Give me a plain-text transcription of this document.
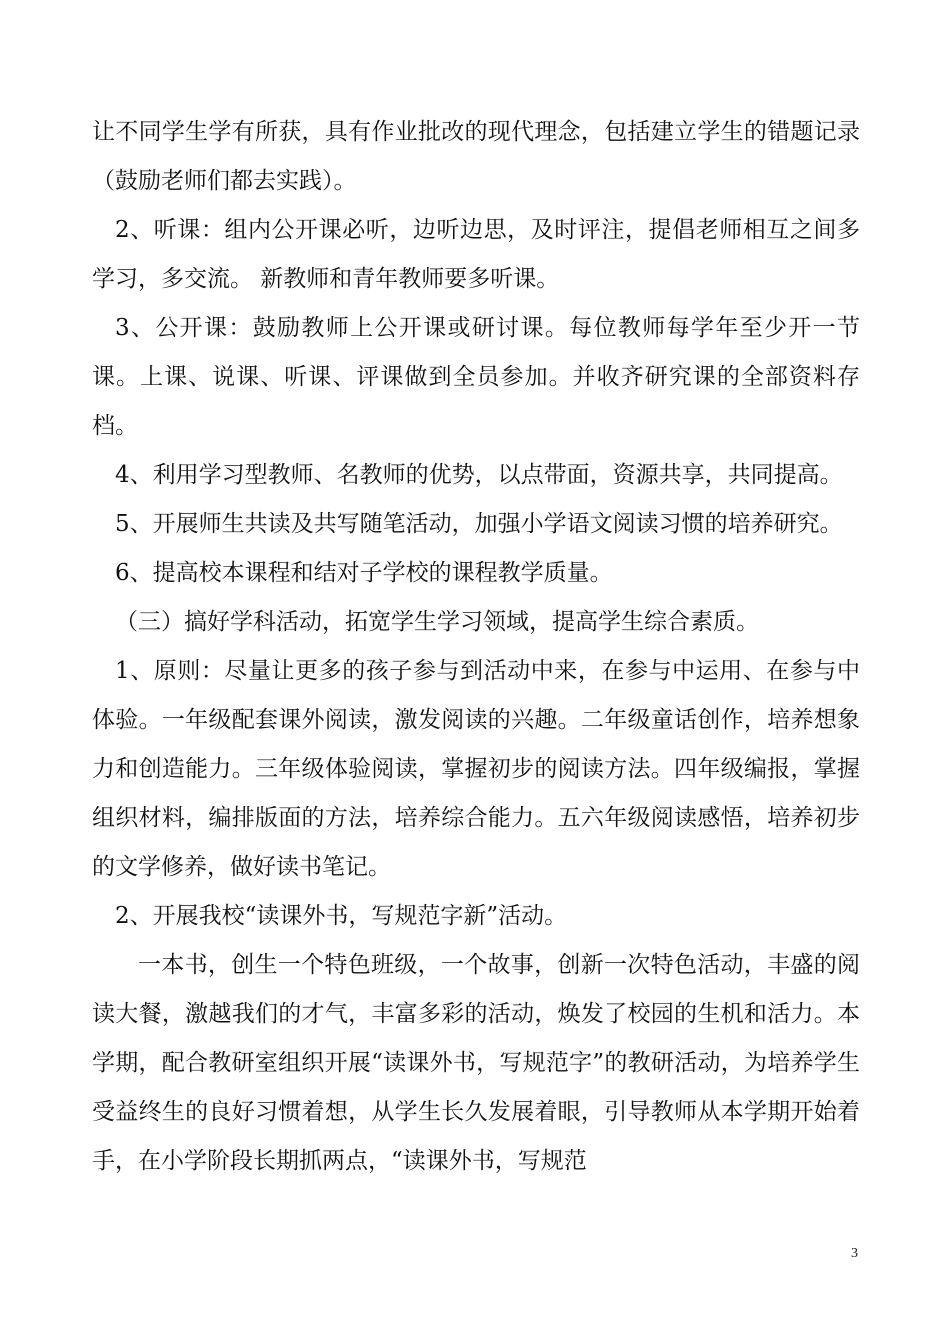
让不同学生学有所获，具有作业批改的现代理念，包括建立学生的错题记录（鼓励老师们都去实践）。

2、听课：组内公开课必听，边听边思，及时评注，提倡老师相互之间多学习，多交流。 新教师和青年教师要多听课。

3、公开课：鼓励教师上公开课或研讨课。每位教师每学年至少开一节课。上课、说课、听课、评课做到全员参加。并收齐研究课的全部资料存档。

4、利用学习型教师、名教师的优势，以点带面，资源共享，共同提高。

5、开展师生共读及共写随笔活动，加强小学语文阅读习惯的培养研究。

6、提高校本课程和结对子学校的课程教学质量。

（三）搞好学科活动，拓宽学生学习领域，提高学生综合素质。

1、原则：尽量让更多的孩子参与到活动中来，在参与中运用、在参与中体验。一年级配套课外阅读，激发阅读的兴趣。二年级童话创作，培养想象力和创造能力。三年级体验阅读，掌握初步的阅读方法。四年级编报，掌握组织材料，编排版面的方法，培养综合能力。五六年级阅读感悟，培养初步的文学修养，做好读书笔记。

2、开展我校“读课外书，写规范字新”活动。

一本书，创生一个特色班级，一个故事，创新一次特色活动，丰盛的阅读大餐，激越我们的才气，丰富多彩的活动，焕发了校园的生机和活力。本学期，配合教研室组织开展“读课外书，写规范字”的教研活动，为培养学生受益终生的良好习惯着想，从学生长久发展着眼，引导教师从本学期开始着手，在小学阶段长期抓两点，“读课外书，写规范

3
